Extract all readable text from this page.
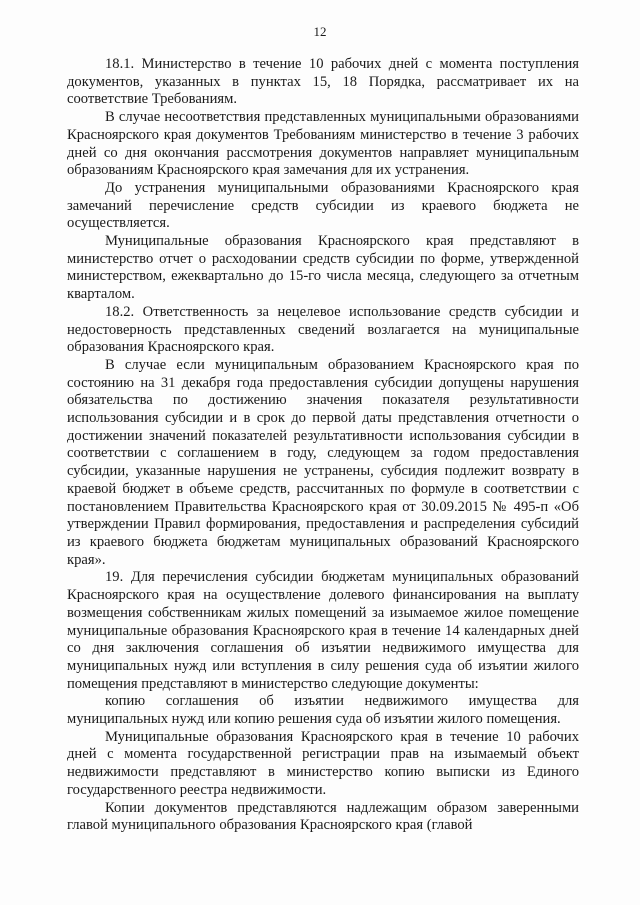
12

18.1. Министерство в течение 10 рабочих дней с момента поступления документов, указанных в пунктах 15, 18 Порядка, рассматривает их на соответствие Требованиям.

В случае несоответствия представленных муниципальными образованиями Красноярского края документов Требованиям министерство в течение 3 рабочих дней со дня окончания рассмотрения документов направляет муниципальным образованиям Красноярского края замечания для их устранения.

До устранения муниципальными образованиями Красноярского края замечаний перечисление средств субсидии из краевого бюджета не осуществляется.

Муниципальные образования Красноярского края представляют в министерство отчет о расходовании средств субсидии по форме, утвержденной министерством, ежеквартально до 15-го числа месяца, следующего за отчетным кварталом.

18.2. Ответственность за нецелевое использование средств субсидии и недостоверность представленных сведений возлагается на муниципальные образования Красноярского края.

В случае если муниципальным образованием Красноярского края по состоянию на 31 декабря года предоставления субсидии допущены нарушения обязательства по достижению значения показателя результативности использования субсидии и в срок до первой даты представления отчетности о достижении значений показателей результативности использования субсидии в соответствии с соглашением в году, следующем за годом предоставления субсидии, указанные нарушения не устранены, субсидия подлежит возврату в краевой бюджет в объеме средств, рассчитанных по формуле в соответствии с постановлением Правительства Красноярского края от 30.09.2015 № 495-п «Об утверждении Правил формирования, предоставления и распределения субсидий из краевого бюджета бюджетам муниципальных образований Красноярского края».

19. Для перечисления субсидии бюджетам муниципальных образований Красноярского края на осуществление долевого финансирования на выплату возмещения собственникам жилых помещений за изымаемое жилое помещение муниципальные образования Красноярского края в течение 14 календарных дней со дня заключения соглашения об изъятии недвижимого имущества для муниципальных нужд или вступления в силу решения суда об изъятии жилого помещения представляют в министерство следующие документы:

копию соглашения об изъятии недвижимого имущества для муниципальных нужд или копию решения суда об изъятии жилого помещения.

Муниципальные образования Красноярского края в течение 10 рабочих дней с момента государственной регистрации прав на изымаемый объект недвижимости представляют в министерство копию выписки из Единого государственного реестра недвижимости.

Копии документов представляются надлежащим образом заверенными главой муниципального образования Красноярского края (главой
